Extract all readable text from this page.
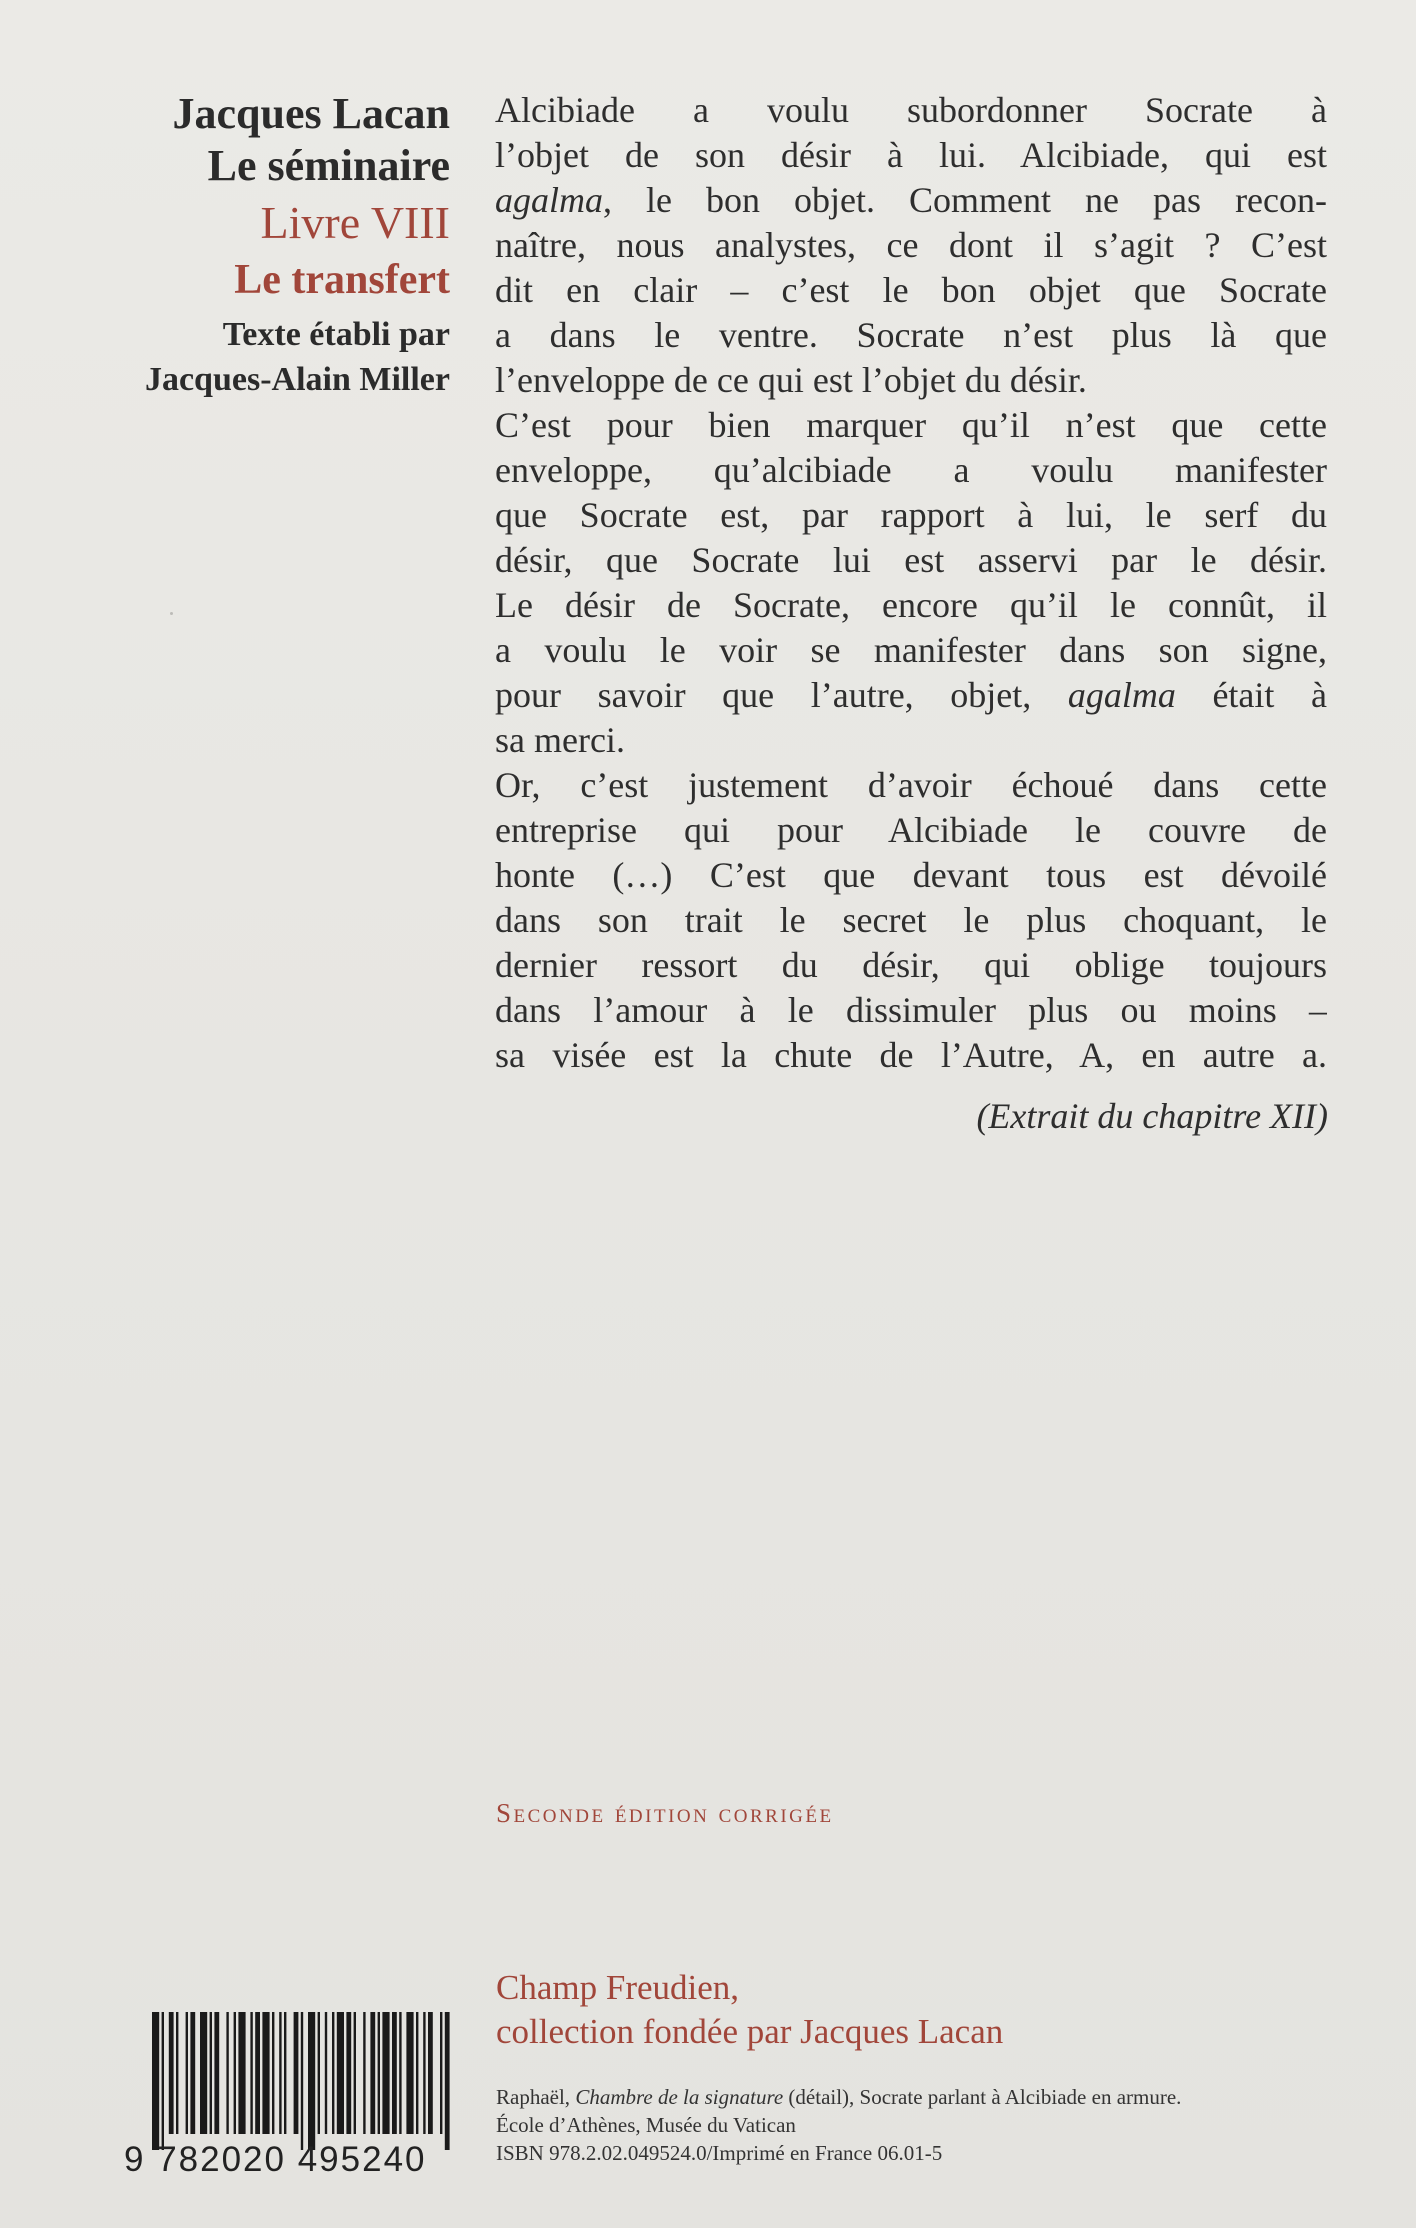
Jacques Lacan

Le séminaire

Livre VIII

Le transfert

Texte établi par

Jacques-Alain Miller

Alcibiade a voulu subordonner Socrate à
l’objet de son désir à lui. Alcibiade, qui est
agalma, le bon objet. Comment ne pas recon-
naître, nous analystes, ce dont il s’agit ? C’est
dit en clair – c’est le bon objet que Socrate
a dans le ventre. Socrate n’est plus là que
l’enveloppe de ce qui est l’objet du désir.
C’est pour bien marquer qu’il n’est que cette
enveloppe, qu’alcibiade a voulu manifester
que Socrate est, par rapport à lui, le serf du
désir, que Socrate lui est asservi par le désir.
Le désir de Socrate, encore qu’il le connût, il
a voulu le voir se manifester dans son signe,
pour savoir que l’autre, objet, agalma était à
sa merci.
Or, c’est justement d’avoir échoué dans cette
entreprise qui pour Alcibiade le couvre de
honte (…) C’est que devant tous est dévoilé
dans son trait le secret le plus choquant, le
dernier ressort du désir, qui oblige toujours
dans l’amour à le dissimuler plus ou moins –
sa visée est la chute de l’Autre, A, en autre a.
(Extrait du chapitre XII)
Seconde édition corrigée
Champ Freudien,
collection fondée par Jacques Lacan
Raphaël, Chambre de la signature (détail), Socrate parlant à Alcibiade en armure.
École d’Athènes, Musée du Vatican
ISBN 978.2.02.049524.0/Imprimé en France 06.01-5
9 782020 495240
